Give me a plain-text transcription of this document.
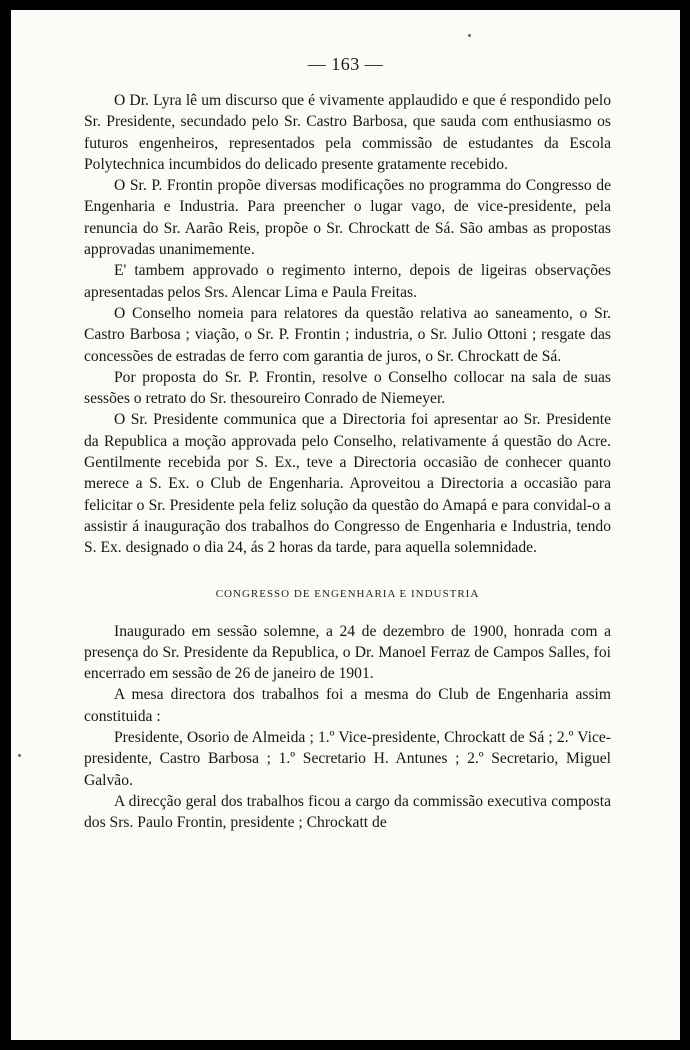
— 163 —

O Dr. Lyra lê um discurso que é vivamente applaudido e que é respondido pelo Sr. Presidente, secundado pelo Sr. Castro Barbosa, que sauda com enthusiasmo os futuros engenheiros, representados pela commissão de estudantes da Escola Polytechnica incumbidos do delicado presente gratamente recebido.

O Sr. P. Frontin propõe diversas modificações no programma do Congresso de Engenharia e Industria. Para preencher o lugar vago, de vice-presidente, pela renuncia do Sr. Aarão Reis, propõe o Sr. Chrockatt de Sá. São ambas as propostas approvadas unanimemente.

E' tambem approvado o regimento interno, depois de ligeiras observações apresentadas pelos Srs. Alencar Lima e Paula Freitas.

O Conselho nomeia para relatores da questão relativa ao saneamento, o Sr. Castro Barbosa ; viação, o Sr. P. Frontin ; industria, o Sr. Julio Ottoni ; resgate das concessões de estradas de ferro com garantia de juros, o Sr. Chrockatt de Sá.

Por proposta do Sr. P. Frontin, resolve o Conselho collocar na sala de suas sessões o retrato do Sr. thesoureiro Conrado de Niemeyer.

O Sr. Presidente communica que a Directoria foi apresentar ao Sr. Presidente da Republica a moção approvada pelo Conselho, relativamente á questão do Acre. Gentilmente recebida por S. Ex., teve a Directoria occasião de conhecer quanto merece a S. Ex. o Club de Engenharia. Aproveitou a Directoria a occasião para felicitar o Sr. Presidente pela feliz solução da questão do Amapá e para convidal-o a assistir á inauguração dos trabalhos do Congresso de Engenharia e Industria, tendo S. Ex. designado o dia 24, ás 2 horas da tarde, para aquella solemnidade.

CONGRESSO DE ENGENHARIA E INDUSTRIA

Inaugurado em sessão solemne, a 24 de dezembro de 1900, honrada com a presença do Sr. Presidente da Republica, o Dr. Manoel Ferraz de Campos Salles, foi encerrado em sessão de 26 de janeiro de 1901.

A mesa directora dos trabalhos foi a mesma do Club de Engenharia assim constituida :

Presidente, Osorio de Almeida ; 1.º Vice-presidente, Chrockatt de Sá ; 2.º Vice-presidente, Castro Barbosa ; 1.º Secretario H. Antunes ; 2.º Secretario, Miguel Galvão.

A direcção geral dos trabalhos ficou a cargo da commissão executiva composta dos Srs. Paulo Frontin, presidente ; Chrockatt de
